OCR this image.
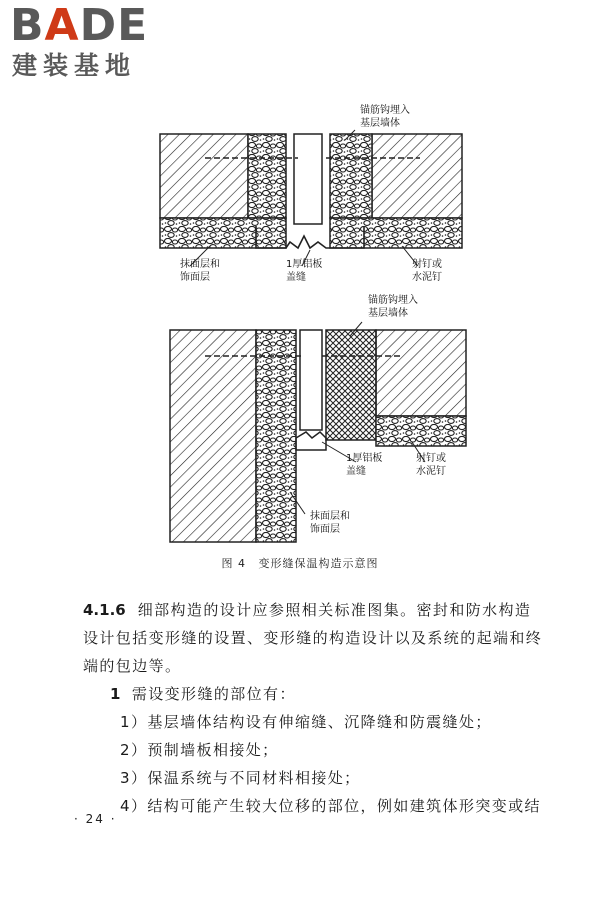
BADE
建装基地
锚筋钩埋入
基层墙体
抹面层和
饰面层
1厚铝板
盖缝
射钉或
水泥钉
锚筋钩埋入
基层墙体
1厚铝板
盖缝
射钉或
水泥钉
抹面层和
饰面层
图 4 变形缝保温构造示意图
4.1.6 细部构造的设计应参照相关标准图集。密封和防水构造
设计包括变形缝的设置、变形缝的构造设计以及系统的起端和终
端的包边等。
1 需设变形缝的部位有：
1）基层墙体结构设有伸缩缝、沉降缝和防震缝处；
2）预制墙板相接处；
3）保温系统与不同材料相接处；
4）结构可能产生较大位移的部位，例如建筑体形突变或结
· 24 ·
